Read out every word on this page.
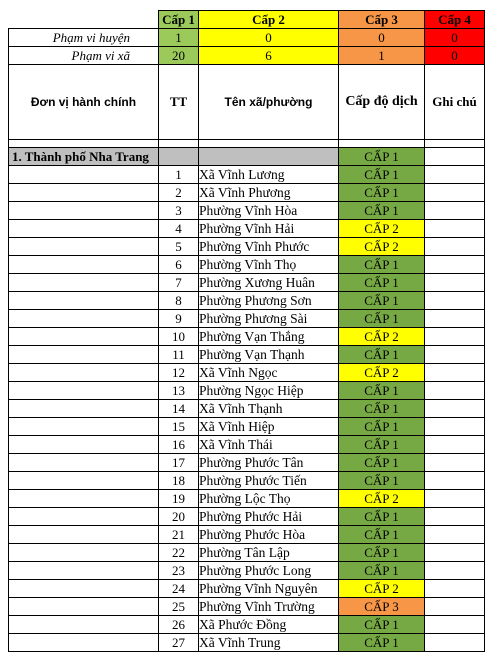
	Cấp 1	Cấp 2	Cấp 3	Cấp 4
Phạm vi huyện	1	0	0	0
Phạm vi xã	20	6	1	0
Đơn vị hành chính	TT	Tên xã/phường	Cấp độ dịch	Ghi chú

1. Thành phố Nha Trang			CẤP 1	
	1	Xã Vĩnh Lương	CẤP 1	
	2	Xã Vĩnh Phương	CẤP 1	
	3	Phường Vĩnh Hòa	CẤP 1	
	4	Phường Vĩnh Hải	CẤP 2	
	5	Phường Vĩnh Phước	CẤP 2	
	6	Phường Vĩnh Thọ	CẤP 1	
	7	Phường Xương Huân	CẤP 1	
	8	Phường Phương Sơn	CẤP 1	
	9	Phường Phương Sài	CẤP 1	
	10	Phường Vạn Thắng	CẤP 2	
	11	Phường Vạn Thạnh	CẤP 1	
	12	Xã Vĩnh Ngọc	CẤP 2	
	13	Phường Ngọc Hiệp	CẤP 1	
	14	Xã Vĩnh Thạnh	CẤP 1	
	15	Xã Vĩnh Hiệp	CẤP 1	
	16	Xã Vĩnh Thái	CẤP 1	
	17	Phường Phước Tân	CẤP 1	
	18	Phường Phước Tiến	CẤP 1	
	19	Phường Lộc Thọ	CẤP 2	
	20	Phường Phước Hải	CẤP 1	
	21	Phường Phước Hòa	CẤP 1	
	22	Phường Tân Lập	CẤP 1	
	23	Phường Phước Long	CẤP 1	
	24	Phường Vĩnh Nguyên	CẤP 2	
	25	Phường Vĩnh Trường	CẤP 3	
	26	Xã Phước Đồng	CẤP 1	
	27	Xã Vĩnh Trung	CẤP 1	
